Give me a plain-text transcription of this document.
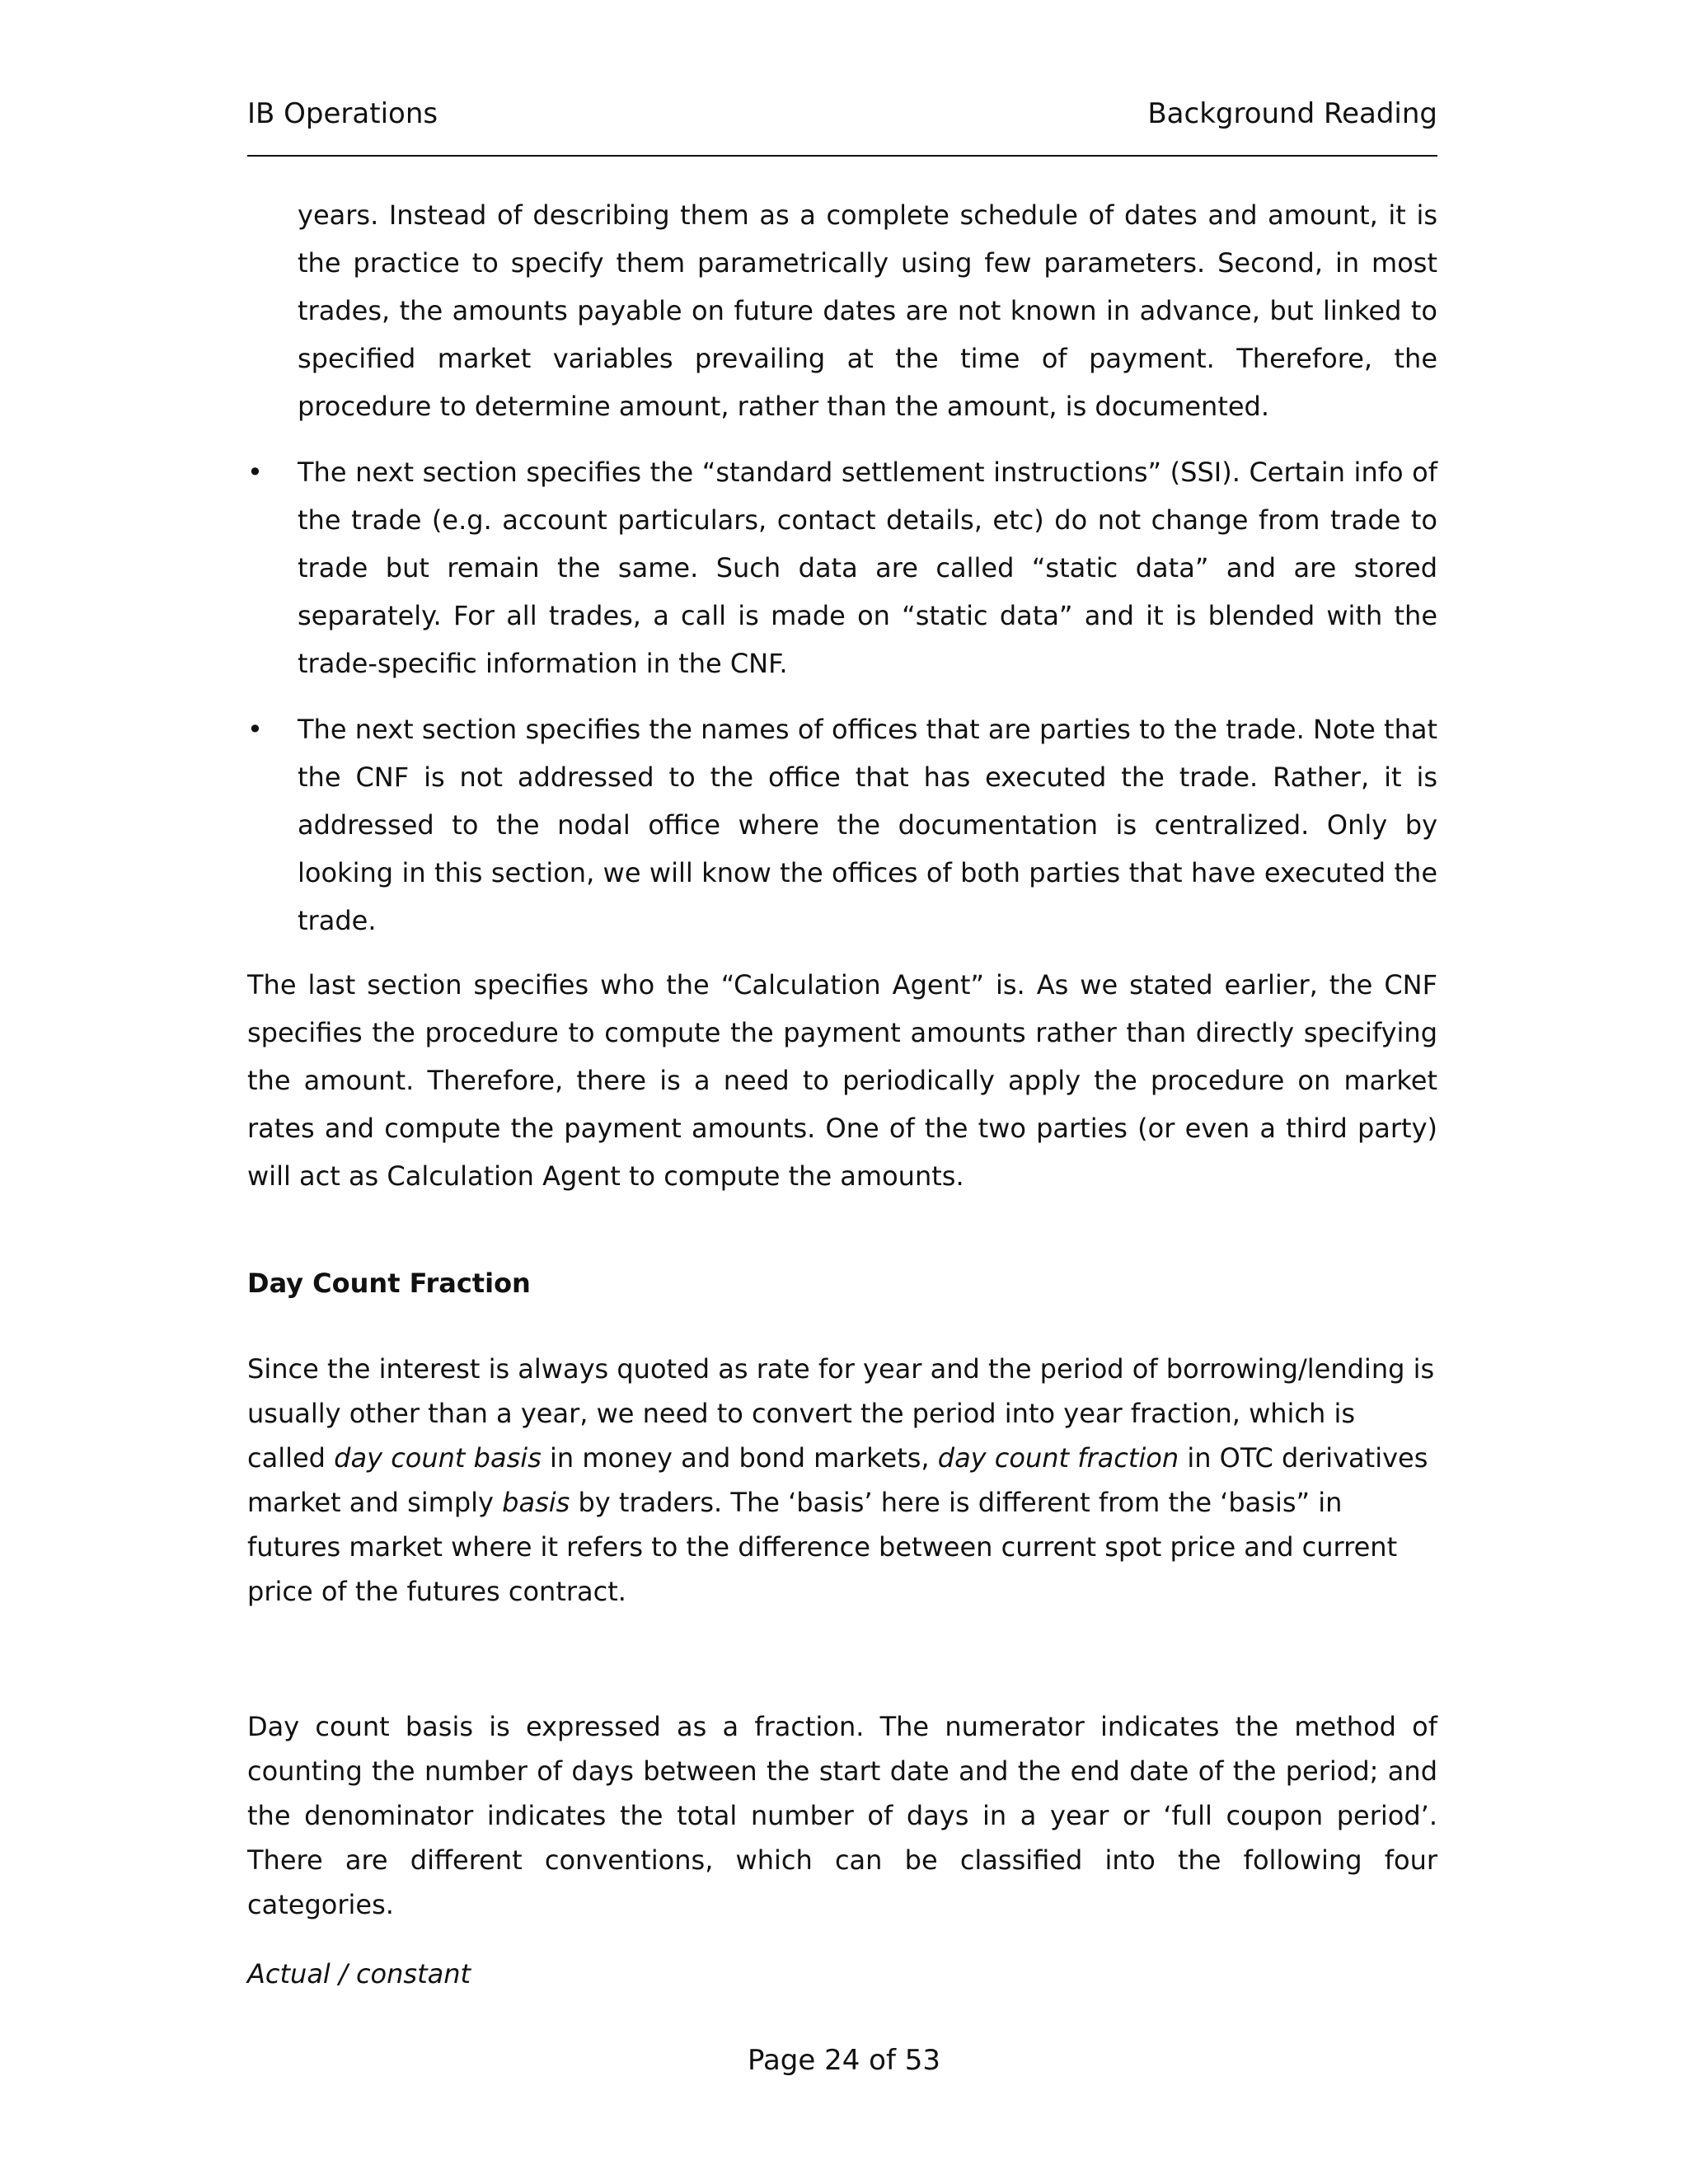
IB Operations	Background Reading
years. Instead of describing them as a complete schedule of dates and amount, it is the practice to specify them parametrically using few parameters. Second, in most trades, the amounts payable on future dates are not known in advance, but linked to specified market variables prevailing at the time of payment. Therefore, the procedure to determine amount, rather than the amount, is documented.
•	The next section specifies the “standard settlement instructions” (SSI). Certain info of the trade (e.g. account particulars, contact details, etc) do not change from trade to trade but remain the same. Such data are called “static data” and are stored separately. For all trades, a call is made on “static data” and it is blended with the trade-specific information in the CNF.
•	The next section specifies the names of offices that are parties to the trade. Note that the CNF is not addressed to the office that has executed the trade. Rather, it is addressed to the nodal office where the documentation is centralized. Only by looking in this section, we will know the offices of both parties that have executed the trade.
The last section specifies who the “Calculation Agent” is. As we stated earlier, the CNF specifies the procedure to compute the payment amounts rather than directly specifying the amount. Therefore, there is a need to periodically apply the procedure on market rates and compute the payment amounts. One of the two parties (or even a third party) will act as Calculation Agent to compute the amounts.
Day Count Fraction
Since the interest is always quoted as rate for year and the period of borrowing/lending is usually other than a year, we need to convert the period into year fraction, which is called day count basis in money and bond markets, day count fraction in OTC derivatives market and simply basis by traders. The ‘basis’ here is different from the ‘basis” in futures market where it refers to the difference between current spot price and current price of the futures contract.
Day count basis is expressed as a fraction. The numerator indicates the method of counting the number of days between the start date and the end date of the period; and the denominator indicates the total number of days in a year or ‘full coupon period’. There are different conventions, which can be classified into the following four categories.
Actual / constant
Page 24 of 53
